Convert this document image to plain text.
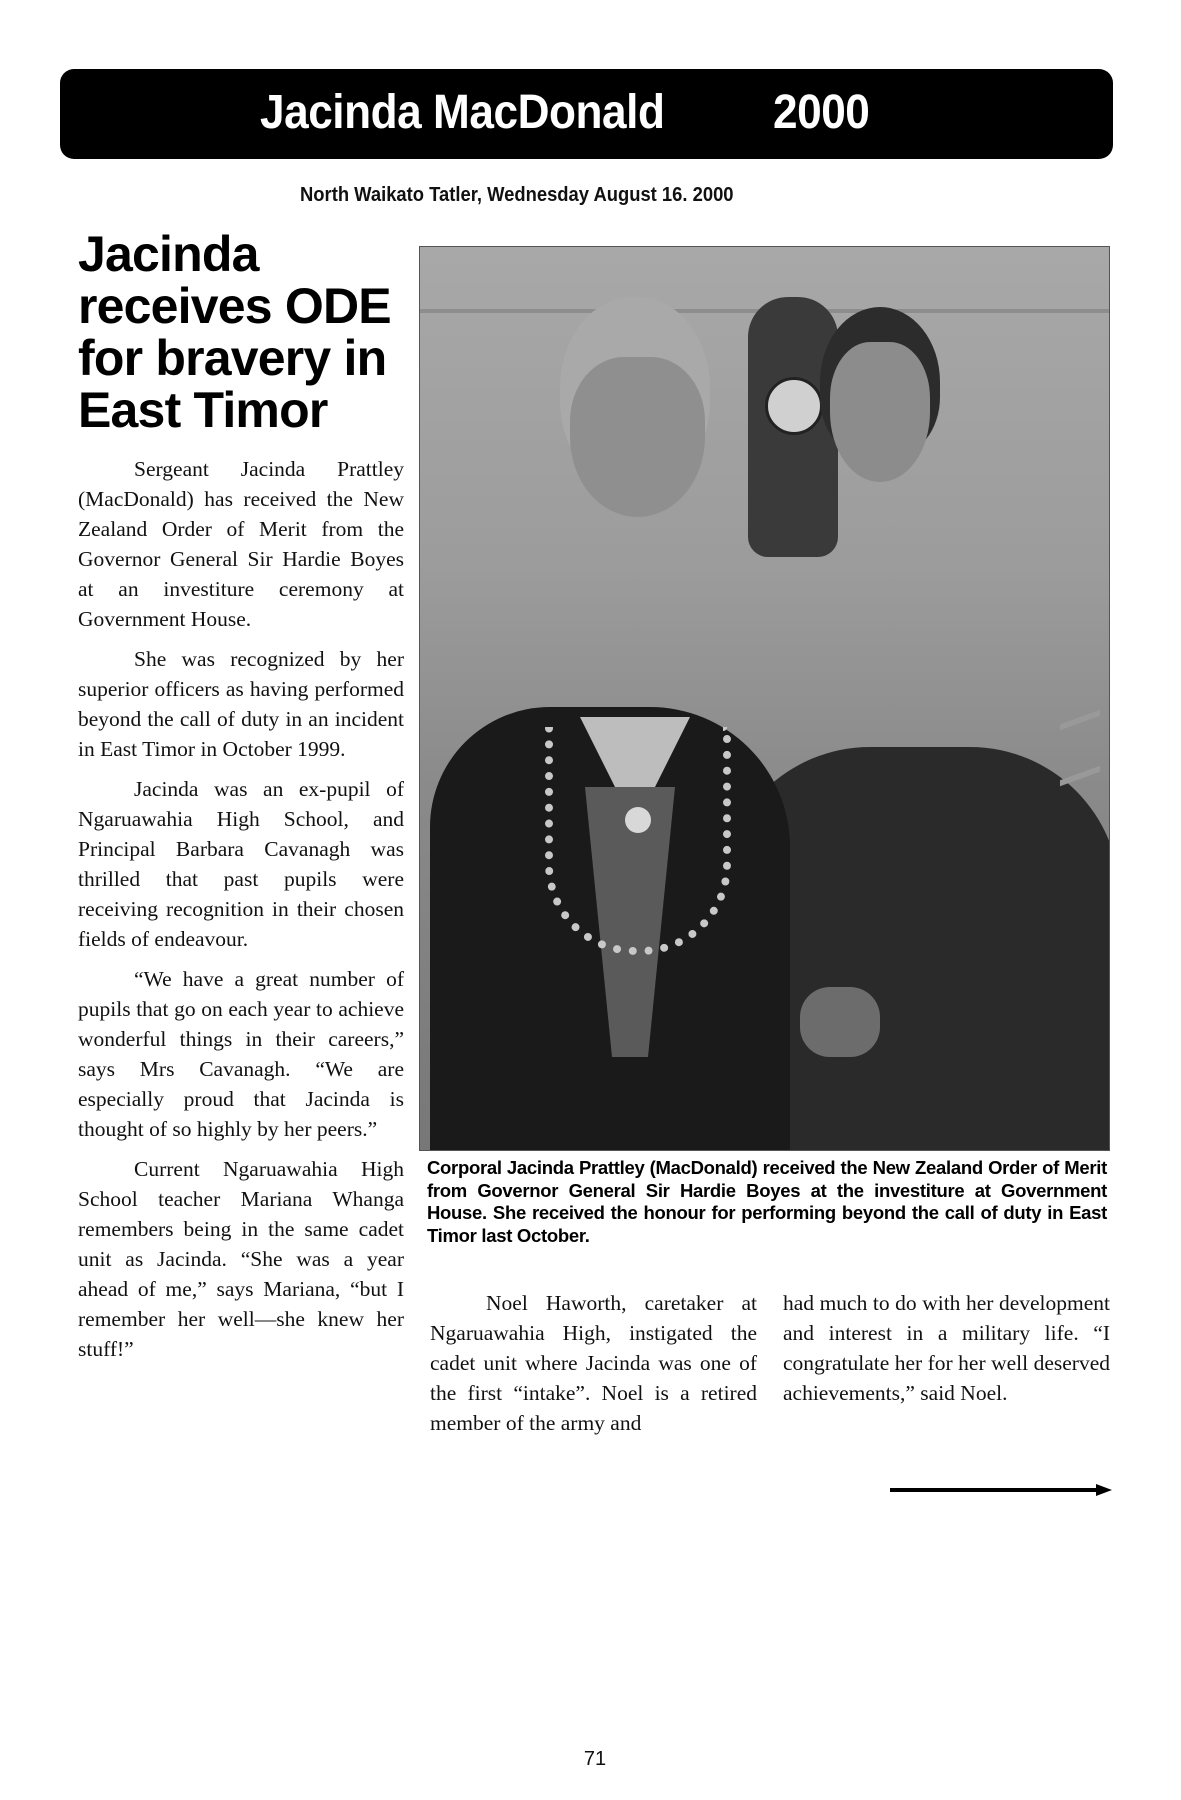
Jacinda MacDonald 2000
North Waikato Tatler, Wednesday August 16. 2000
Jacinda receives ODE for bravery in East Timor

Sergeant Jacinda Prattley (MacDonald) has received the New Zealand Order of Merit from the Governor General Sir Hardie Boyes at an investiture ceremony at Government House.

She was recognized by her superior officers as having performed beyond the call of duty in an incident in East Timor in October 1999.

Jacinda was an ex-pupil of Ngaruawahia High School, and Principal Barbara Cavanagh was thrilled that past pupils were receiving recognition in their chosen fields of endeavour.

“We have a great number of pupils that go on each year to achieve wonderful things in their careers,” says Mrs Cavanagh. “We are especially proud that Jacinda is thought of so highly by her peers.”

Current Ngaruawahia High School teacher Mariana Whanga remembers being in the same cadet unit as Jacinda. “She was a year ahead of me,” says Mariana, “but I remember her well—she knew her stuff!”

Corporal Jacinda Prattley (MacDonald) received the New Zealand Order of Merit from Governor General Sir Hardie Boyes at the investiture at Government House. She received the honour for performing beyond the call of duty in East Timor last October.

Noel Haworth, caretaker at Ngaruawahia High, instigated the cadet unit where Jacinda was one of the first “intake”. Noel is a retired member of the army and

had much to do with her development and interest in a military life. “I congratulate her for her well deserved achievements,” said Noel.

71
